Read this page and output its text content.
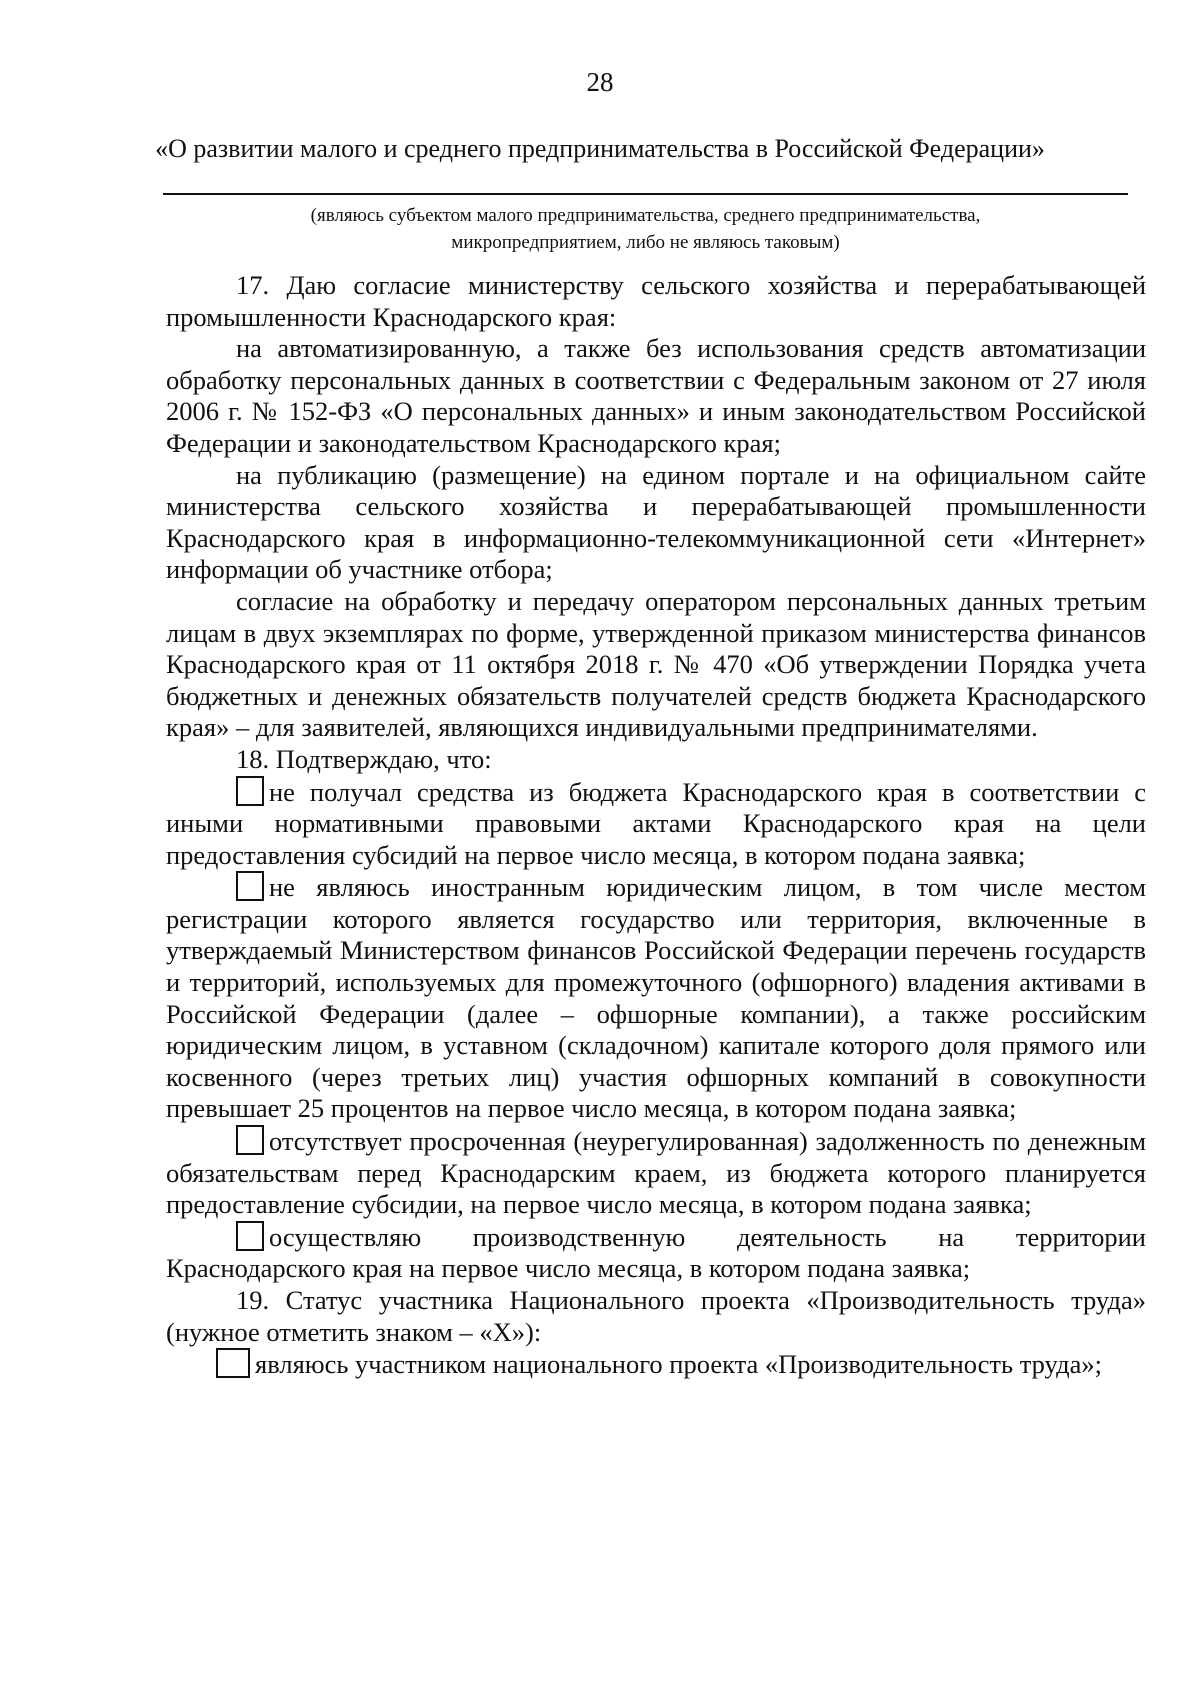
28
«О развитии малого и среднего предпринимательства в Российской Федерации»
(являюсь субъектом малого предпринимательства, среднего предпринимательства,
микропредприятием, либо не являюсь таковым)

17. Даю согласие министерству сельского хозяйства и перерабатывающей промышленности Краснодарского края:

на автоматизированную, а также без использования средств автоматизации обработку персональных данных в соответствии с Федеральным законом от 27 июля 2006 г. № 152-ФЗ «О персональных данных» и иным законодательством Российской Федерации и законодательством Краснодарского края;

на публикацию (размещение) на едином портале и на официальном сайте министерства сельского хозяйства и перерабатывающей промышленности Краснодарского края в информационно-телекоммуникационной сети «Интернет» информации об участнике отбора;

согласие на обработку и передачу оператором персональных данных третьим лицам в двух экземплярах по форме, утвержденной приказом министерства финансов Краснодарского края от 11 октября 2018 г. № 470 «Об утверждении Порядка учета бюджетных и денежных обязательств получателей средств бюджета Краснодарского края» – для заявителей, являющихся индивидуальными предпринимателями.

18. Подтверждаю, что:

не получал средства из бюджета Краснодарского края в соответствии с иными нормативными правовыми актами Краснодарского края на цели предоставления субсидий на первое число месяца, в котором подана заявка;

не являюсь иностранным юридическим лицом, в том числе местом регистрации которого является государство или территория, включенные в утверждаемый Министерством финансов Российской Федерации перечень государств и территорий, используемых для промежуточного (офшорного) владения активами в Российской Федерации (далее – офшорные компании), а также российским юридическим лицом, в уставном (складочном) капитале которого доля прямого или косвенного (через третьих лиц) участия офшорных компаний в совокупности превышает 25 процентов на первое число месяца, в котором подана заявка;

отсутствует просроченная (неурегулированная) задолженность по денежным обязательствам перед Краснодарским краем, из бюджета которого планируется предоставление субсидии, на первое число месяца, в котором подана заявка;

осуществляю производственную деятельность на территории Краснодарского края на первое число месяца, в котором подана заявка;

19. Статус участника Национального проекта «Производительность труда» (нужное отметить знаком – «Х»):

являюсь участником национального проекта «Производительность труда»;
